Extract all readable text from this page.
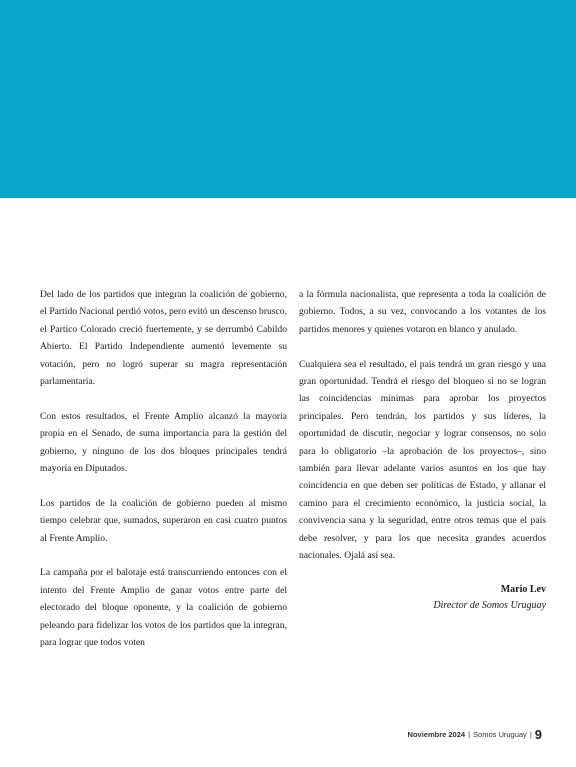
Del lado de los partidos que integran la coalición de gobierno, el Partido Nacional perdió votos, pero evitó un descenso brusco, el Partico Colorado creció fuertemente, y se derrumbó Cabildo Abierto. El Partido Independiente aumentó levemente su votación, pero no logró superar su magra representación parlamentaria.

Con estos resultados, el Frente Amplio alcanzó la mayoría propia en el Senado, de suma importancia para la gestión del gobierno, y ninguno de los dos bloques principales tendrá mayoría en Diputados.

Los partidos de la coalición de gobierno pueden al mismo tiempo celebrar que, sumados, superaron en casi cuatro puntos al Frente Amplio.

La campaña por el balotaje está transcurriendo entonces con el intento del Frente Amplio de ganar votos entre parte del electorado del bloque oponente, y la coalición de gobierno peleando para fidelizar los votos de los partidos que la integran, para lograr que todos voten

a la fórmula nacionalista, que representa a toda la coalición de gobierno. Todos, a su vez, convocando a los votantes de los partidos menores y quienes votaron en blanco y anulado.

Cualquiera sea el resultado, el país tendrá un gran riesgo y una gran oportunidad. Tendrá el riesgo del bloqueo si no se logran las coincidencias mínimas para aprobar los proyectos principales. Pero tendrán, los partidos y sus líderes, la oportunidad de discutir, negociar y lograr consensos, no solo para lo obligatorio –la aprobación de los proyectos–, sino también para llevar adelante varios asuntos en los que hay coincidencia en que deben ser políticas de Estado, y allanar el camino para el crecimiento económico, la justicia social, la convivencia sana y la seguridad, entre otros temas que el país debe resolver, y para los que necesita grandes acuerdos nacionales. Ojalá así sea.

Mario Lev
Director de Somos Uruguay
Noviembre 2024 | Somos Uruguay | 9
